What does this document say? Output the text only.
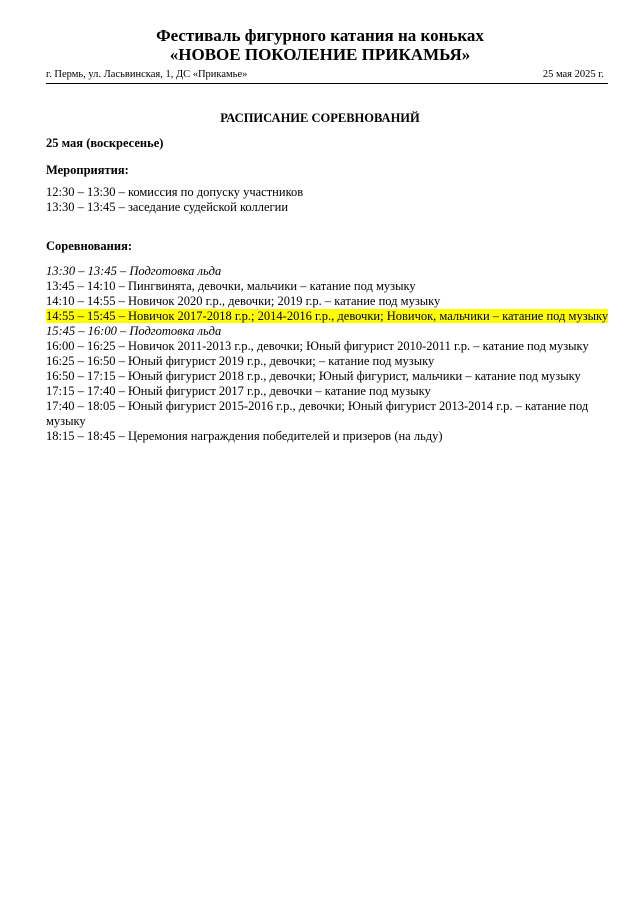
Фестиваль фигурного катания на коньках
«НОВОЕ ПОКОЛЕНИЕ ПРИКАМЬЯ»
г. Пермь, ул. Ласьвинская, 1, ДС «Прикамье»	25 мая 2025 г.
РАСПИСАНИЕ СОРЕВНОВАНИЙ
25 мая (воскресенье)
Мероприятия:
12:30 – 13:30 – комиссия по допуску участников
13:30 – 13:45 – заседание судейской коллегии
Соревнования:
13:30 – 13:45 – Подготовка льда
13:45 – 14:10 – Пингвинята, девочки, мальчики – катание под музыку
14:10 – 14:55 – Новичок 2020 г.р., девочки; 2019 г.р. – катание под музыку
14:55 – 15:45 – Новичок 2017-2018 г.р.; 2014-2016 г.р., девочки; Новичок, мальчики – катание под музыку
15:45 – 16:00 – Подготовка льда
16:00 – 16:25 – Новичок 2011-2013 г.р., девочки; Юный фигурист 2010-2011 г.р. – катание под музыку
16:25 – 16:50 – Юный фигурист 2019 г.р., девочки; – катание под музыку
16:50 – 17:15 – Юный фигурист 2018 г.р., девочки; Юный фигурист, мальчики – катание под музыку
17:15 – 17:40 – Юный фигурист 2017 г.р., девочки – катание под музыку
17:40 – 18:05 – Юный фигурист 2015-2016 г.р., девочки; Юный фигурист 2013-2014 г.р. – катание под музыку
18:15 – 18:45 – Церемония награждения победителей и призеров (на льду)
